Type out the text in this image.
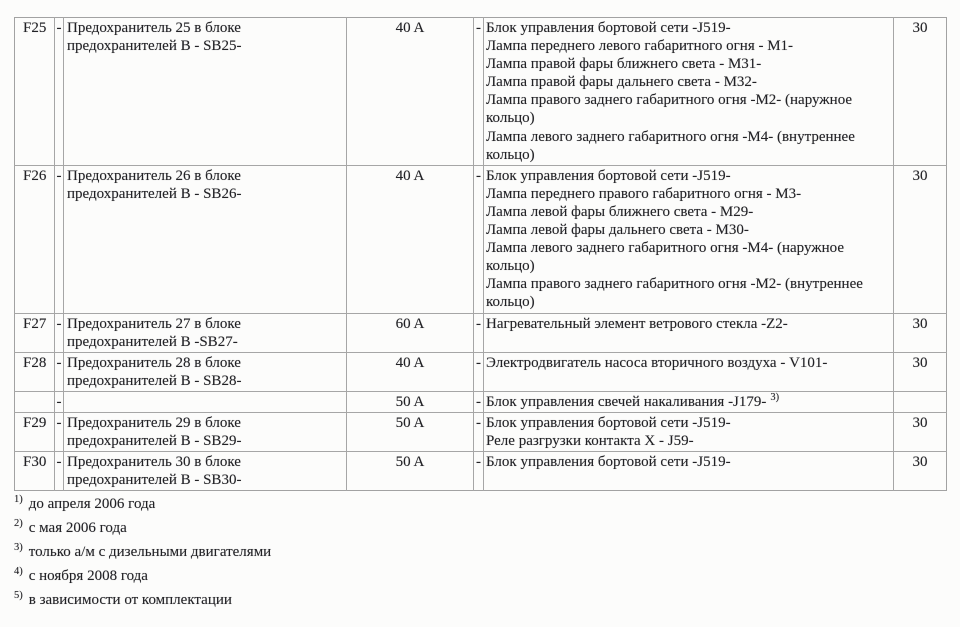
F25	-	Предохранитель 25 в блоке предохранителей B - SB25-	40 A	-	Блок управления бортовой сети -J519-
Лампа переднего левого габаритного огня - M1-
Лампа правой фары ближнего света - M31-
Лампа правой фары дальнего света - M32-
Лампа правого заднего габаритного огня -M2- (наружное кольцо)
Лампа левого заднего габаритного огня -M4- (внутреннее кольцо)
	30
F26	-	Предохранитель 26 в блоке предохранителей B - SB26-	40 A	-	Блок управления бортовой сети -J519-
Лампа переднего правого габаритного огня - M3-
Лампа левой фары ближнего света - M29-
Лампа левой фары дальнего света - M30-
Лампа левого заднего габаритного огня -M4- (наружное кольцо)
Лампа правого заднего габаритного огня -M2- (внутреннее кольцо)
	30
F27	-	Предохранитель 27 в блоке предохранителей B -SB27-	60 A	-	Нагревательный элемент ветрового стекла -Z2-	30
F28	-	Предохранитель 28 в блоке предохранителей B - SB28-	40 A	-	Электродвигатель насоса вторичного воздуха - V101-	30
	-		50 A	-	Блок управления свечей накаливания -J179- $^{3)}$

F29	-	Предохранитель 29 в блоке предохранителей B - SB29-	50 A	-	Блок управления бортовой сети -J519-
Реле разгрузки контакта X - J59-
	30
F30	-	Предохранитель 30 в блоке предохранителей B - SB30-	50 A	-	Блок управления бортовой сети -J519-	30
$^{1)}$ до апреля 2006 года
$^{2)}$ с мая 2006 года
$^{3)}$ только а/м с дизельными двигателями
$^{4)}$ с ноября 2008 года
$^{5)}$ в зависимости от комплектации
